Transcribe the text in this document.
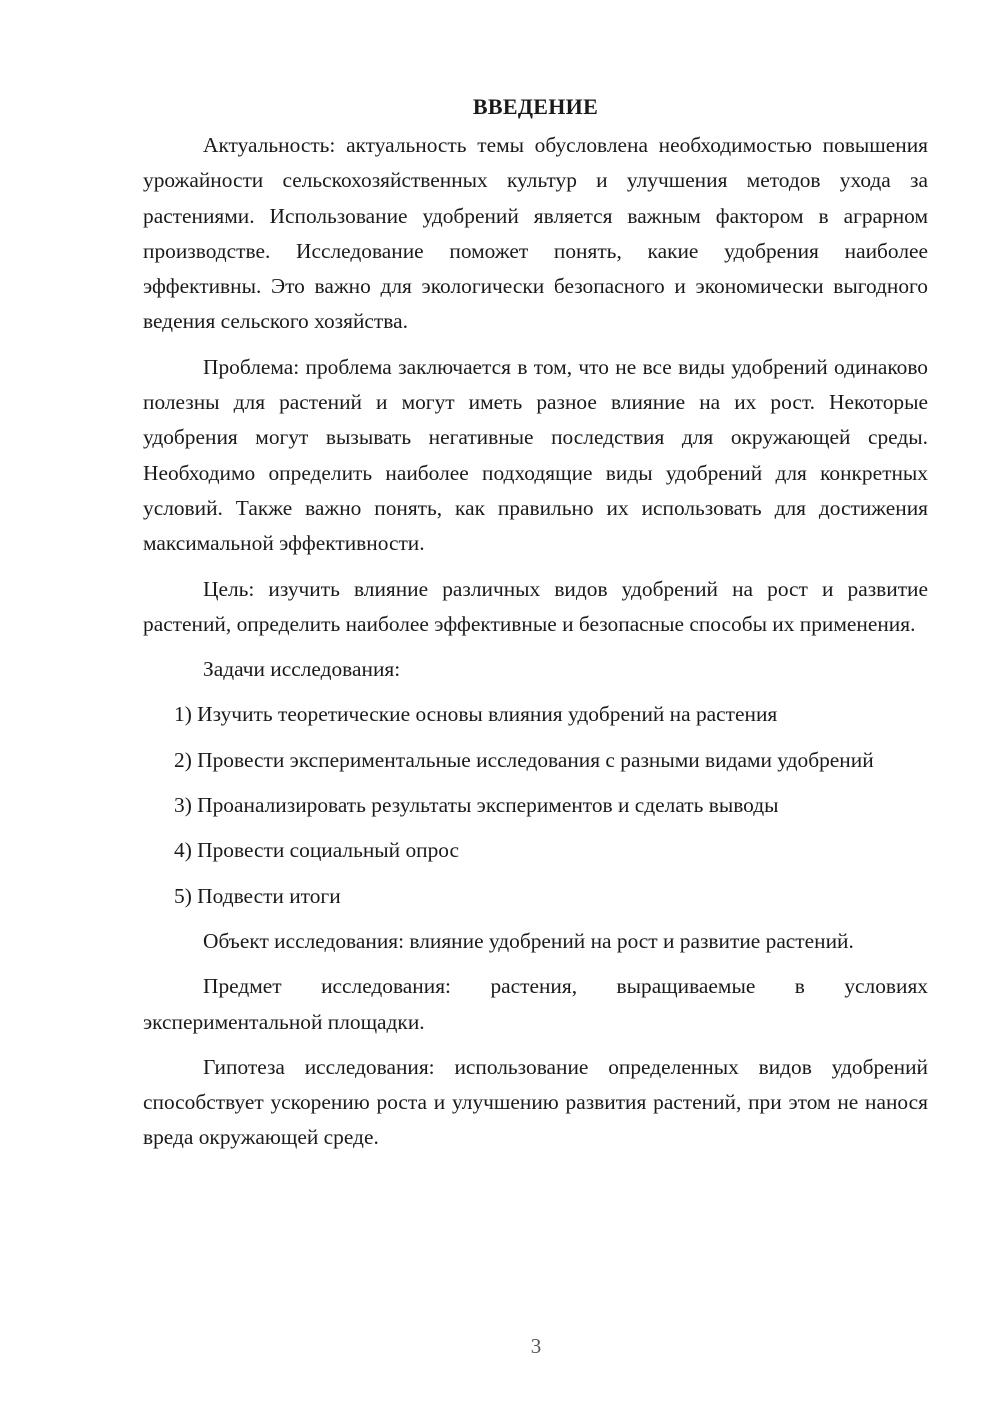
ВВЕДЕНИЕ

Актуальность: актуальность темы обусловлена необходимостью повышения урожайности сельскохозяйственных культур и улучшения методов ухода за растениями. Использование удобрений является важным фактором в аграрном производстве. Исследование поможет понять, какие удобрения наиболее эффективны. Это важно для экологически безопасного и экономически выгодного ведения сельского хозяйства.

Проблема: проблема заключается в том, что не все виды удобрений одинаково полезны для растений и могут иметь разное влияние на их рост. Некоторые удобрения могут вызывать негативные последствия для окружающей среды. Необходимо определить наиболее подходящие виды удобрений для конкретных условий. Также важно понять, как правильно их использовать для достижения максимальной эффективности.

Цель: изучить влияние различных видов удобрений на рост и развитие растений, определить наиболее эффективные и безопасные способы их применения.

Задачи исследования:

1) Изучить теоретические основы влияния удобрений на растения

2) Провести экспериментальные исследования с разными видами удобрений

3) Проанализировать результаты экспериментов и сделать выводы

4) Провести социальный опрос

5) Подвести итоги

Объект исследования: влияние удобрений на рост и развитие растений.

Предмет исследования: растения, выращиваемые в условиях экспериментальной площадки.

Гипотеза исследования: использование определенных видов удобрений способствует ускорению роста и улучшению развития растений, при этом не нанося вреда окружающей среде.

3
